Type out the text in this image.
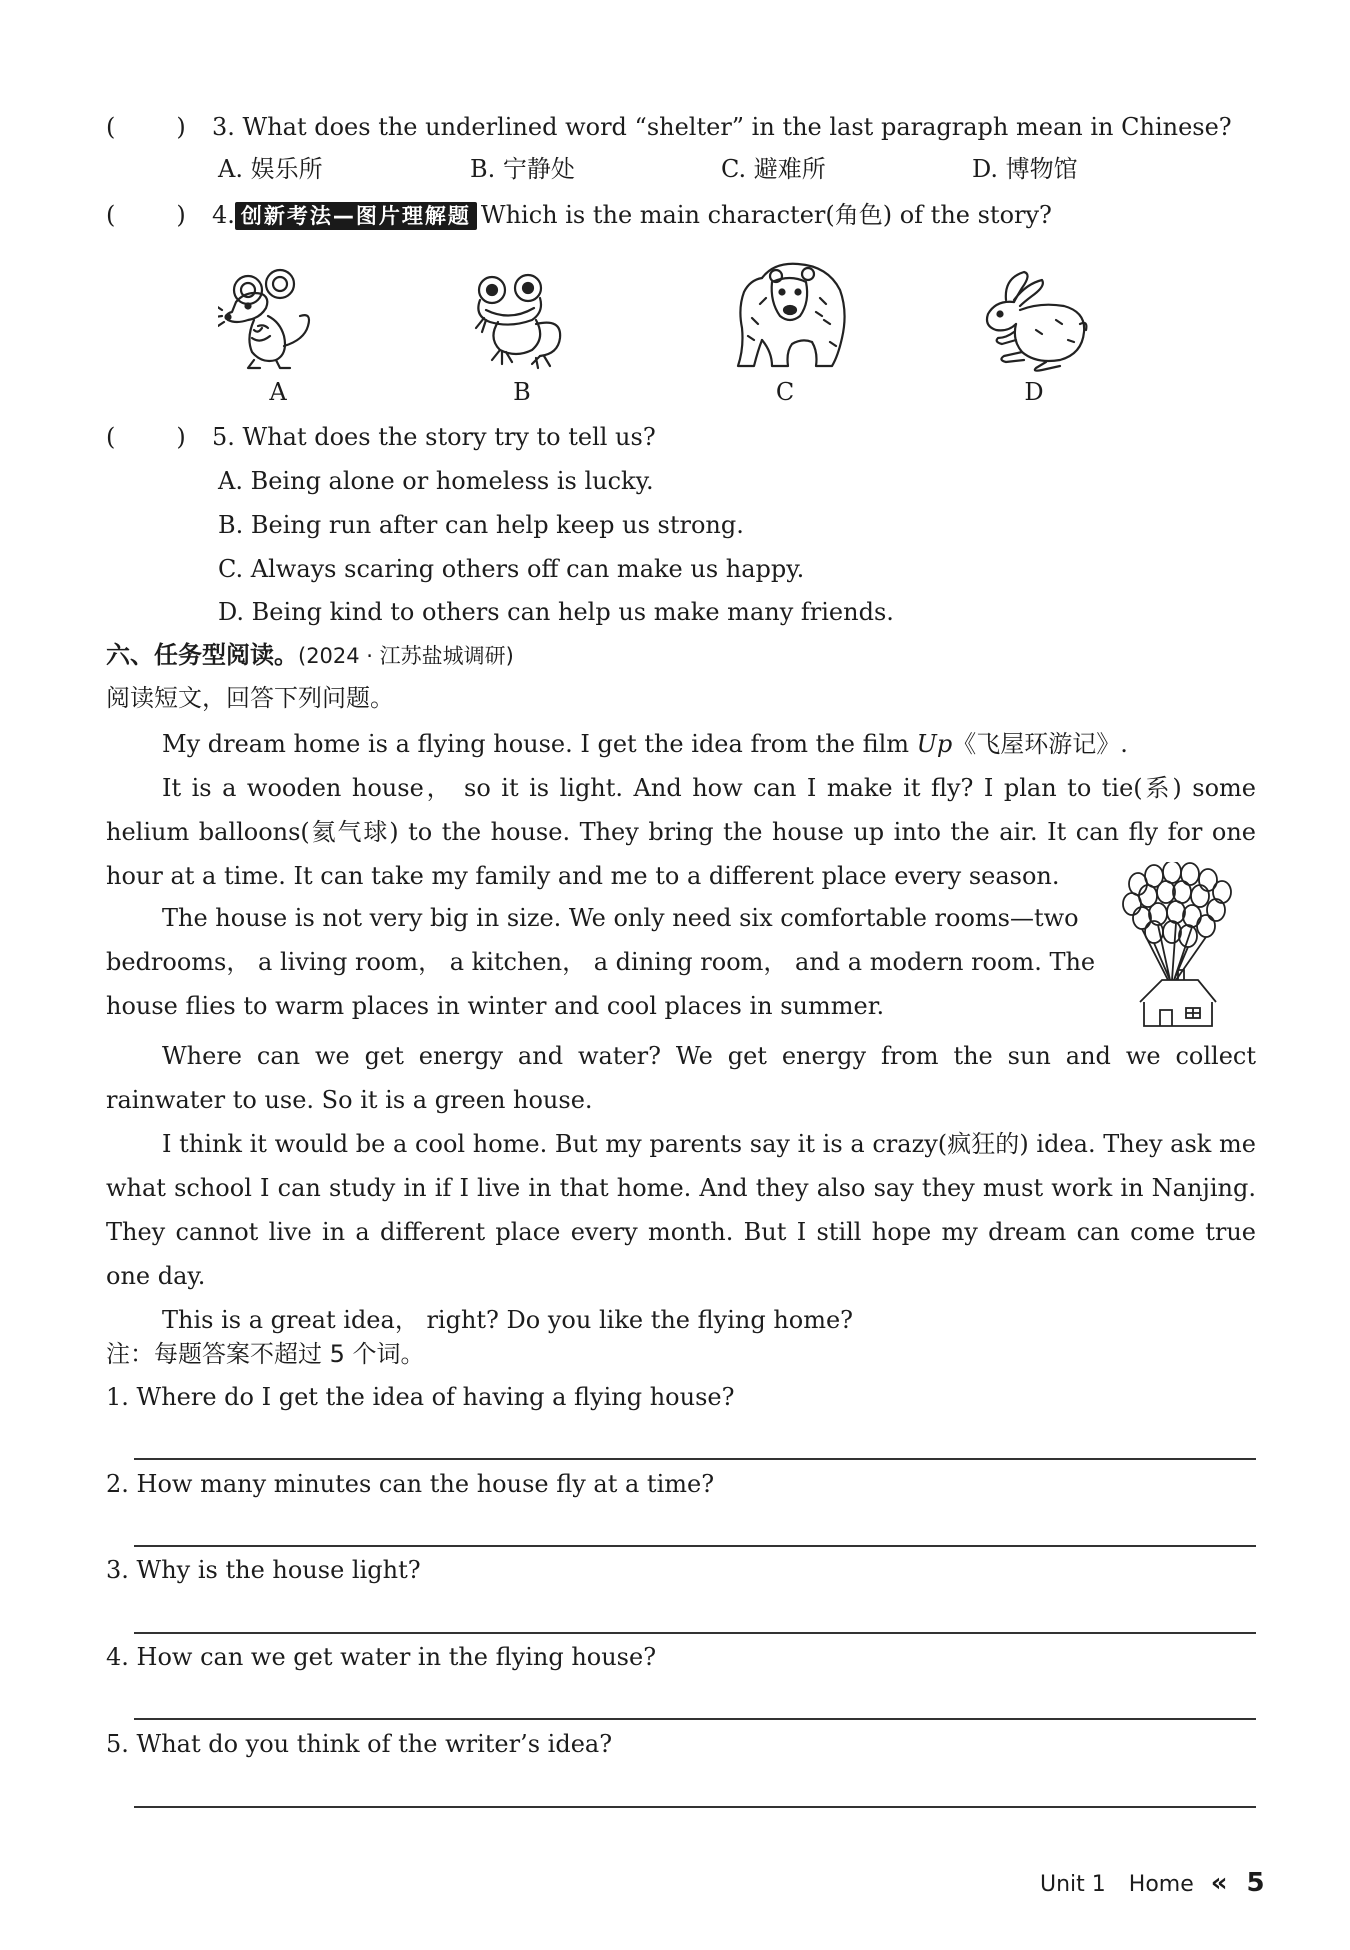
(        ) 3. What does the underlined word “shelter” in the last paragraph mean in Chinese?
A. 娱乐所	B. 宁静处	C. 避难所	D. 博物馆
(        ) 4. 创新考法—图片理解题 Which is the main character(角色) of the story?
A	B	C	D
(        ) 5. What does the story try to tell us?
A. Being alone or homeless is lucky.
B. Being run after can help keep us strong.
C. Always scaring others off can make us happy.
D. Being kind to others can help us make many friends.
六、任务型阅读。(2024 · 江苏盐城调研)
阅读短文，回答下列问题。
My dream home is a flying house. I get the idea from the film Up《飞屋环游记》.
It is a wooden house， so it is light. And how can I make it fly? I plan to tie(系) some helium balloons(氦气球) to the house. They bring the house up into the air. It can fly for one hour at a time. It can take my family and me to a different place every season.
The house is not very big in size. We only need six comfortable rooms—two
bedrooms， a living room， a kitchen， a dining room， and a modern room. The
house flies to warm places in winter and cool places in summer.
Where can we get energy and water? We get energy from the sun and we collect rainwater to use. So it is a green house.
I think it would be a cool home. But my parents say it is a crazy(疯狂的) idea. They ask me what school I can study in if I live in that home. And they also say they must work in Nanjing. They cannot live in a different place every month. But I still hope my dream can come true one day.
This is a great idea， right? Do you like the flying home?
注：每题答案不超过 5 个词。
1. Where do I get the idea of having a flying house?
2. How many minutes can the house fly at a time?
3. Why is the house light?
4. How can we get water in the flying house?
5. What do you think of the writer’s idea?
Unit 1 Home « 5
